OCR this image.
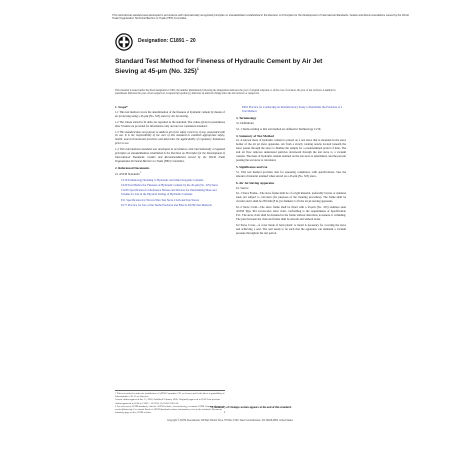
This international standard was developed in accordance with internationally recognized principles on standardization established in the Decision on Principles for the Development of International Standards, Guides and Recommendations issued by the World Trade Organization Technical Barriers to Trade (TBT) Committee.
Designation: C1891 − 20
Standard Test Method for Fineness of Hydraulic Cement by Air Jet Sieving at 45-µm (No. 325)$^1$
This standard is issued under the fixed designation C1891; the number immediately following the designation indicates the year of original adoption or, in the case of revision, the year of last revision. A number in parentheses indicates the year of last reapproval. A superscript epsilon (ε) indicates an editorial change since the last revision or reapproval.
1. Scope*

1.1 This test method covers the determination of the fineness of hydraulic cement by means of air jet sieving using a 45-µm (No. 325) sieve by Air Jet sieving.

1.2 The values stated in SI units are regarded as the standard. The values given in parentheses after SI units are provided for information only and are not considered standard.

1.3 This standard does not purport to address all of the safety concerns, if any, associated with its use. It is the responsibility of the user of this standard to establish appropriate safety, health, and environmental practices and determine the applicability of regulatory limitations prior to use.

1.4 This international standard was developed in accordance with internationally recognized principles on standardization established in the Decision on Principles for the Development of International Standards, Guides and Recommendations issued by the World Trade Organization Technical Barriers to Trade (TBT) Committee.

2. Referenced Documents

2.1 ASTM Standards:$^2$

C219 Terminology Relating to Hydraulic and Other Inorganic Cements
C430 Test Method for Fineness of Hydraulic Cement by the 45-µm (No. 325) Sieve
C1005 Specification for Reference Masses and Devices for Determining Mass and Volume for Use in the Physical Testing of Hydraulic Cements
E11 Specification for Woven Wire Test Sieve Cloth and Test Sieves
E177 Practice for Use of the Terms Precision and Bias in ASTM Test Methods
E691 Practice for Conducting an Interlaboratory Study to Determine the Precision of a Test Method
3. Terminology

3.1 Definitions:

3.1.1 Terms relating to this test method are defined in Terminology C219.

4. Summary of Test Method

4.1 A known mass of hydraulic cement is placed on a test sieve that is mounted in the sieve holder of the air jet sieve apparatus. Air from a slowly rotating nozzle located beneath the sieve passes through the sieve to fluidize the sample for a predetermined period of time. The exit air flow removes undersized particles downward through the test sieve to a vacuum canister. The mass of hydraulic cement retained on the test sieve is determined, and the percent passing the test sieve is calculated.

5. Significance and Use

5.1 This test method provides data for assessing compliance with specifications. Sets the amount of material retained when sieved on a 45-µm (No. 325) sieve.

6. Air Jet Sieving Apparatus

6.1 Sieves:

6.1.1 Sieve Frame—The sieve frame shall be of a rigid material, preferably bronze or stainless steel, not subject to corrosion (for purposes of the cleaning procedure). The frame shall be circular and it shall be 203 mm (8 in.) in diameter to fit the air jet sieving apparatus.

6.1.2 Sieve Cloth—The sieve frame shall be fitted with a 45-µm (No. 325) stainless steel ASTM Type 304 woven-wire sieve cloth, conforming to the requirements of Specification E11. The sieve cloth shall be mounted in the frame without distortion, looseness or wrinkling. The joint between the cloth and frame shall be smooth and without holes.

6.2 Sieve Cover—A cover made of hard plastic or metal is necessary for covering the sieve and achieving a seal. The seal needs to be such that the apparatus can maintain a vacuum pressure throughout the test period.

1 This test method is under the jurisdiction of ASTM Committee C01 on Cement and is the direct responsibility of Subcommittee C01.25 on Fineness.
Current edition approved Jan. 15, 2020. Published February 2020. Originally approved in 2018. Last previous edition approved in 2018 as C1891 – 18. DOI: 10.1520/C1891-20.
2 For referenced ASTM standards, visit the ASTM website, www.astm.org, or contact ASTM Customer Service at service@astm.org. For Annual Book of ASTM Standards volume information, refer to the standard's Document Summary page on the ASTM website.
*A Summary of Changes section appears at the end of this standard.
1
Copyright © ASTM International, 100 Barr Harbor Drive, PO Box C700, West Conshohocken, PA 19428-2959. United States
